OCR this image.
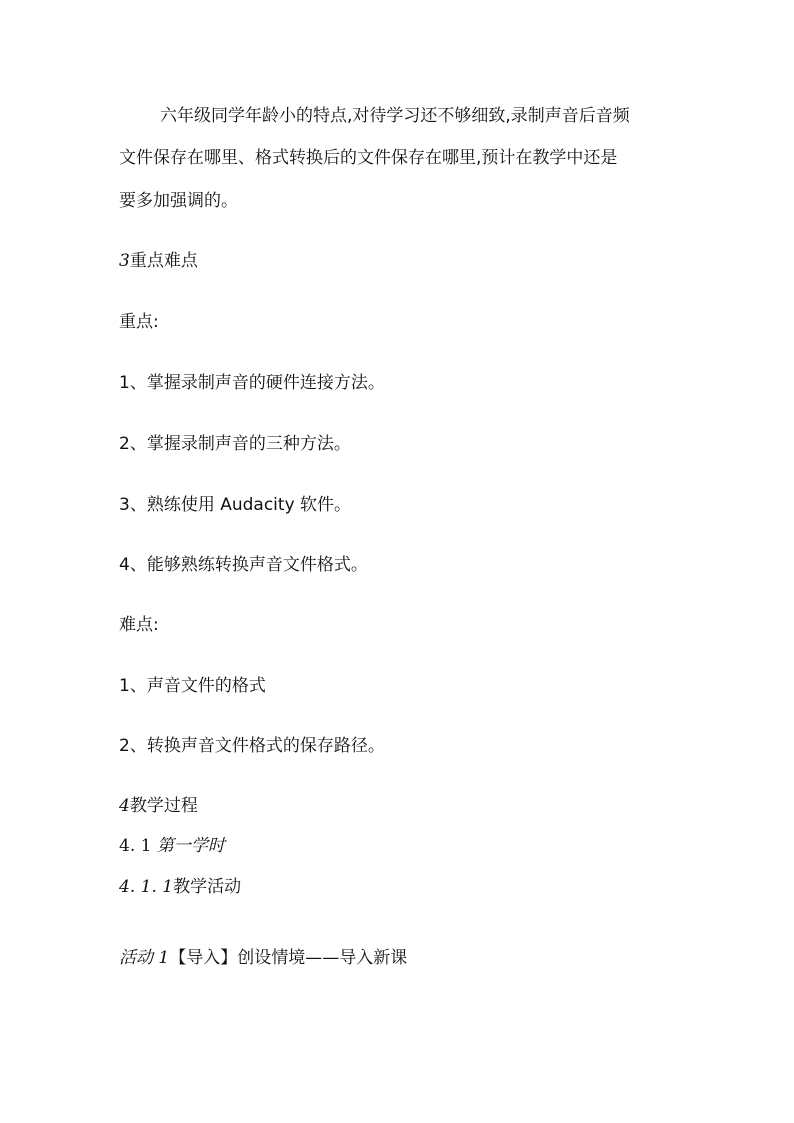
六年级同学年龄小的特点,对待学习还不够细致,录制声音后音频
文件保存在哪里、格式转换后的文件保存在哪里,预计在教学中还是
要多加强调的。
3重点难点
重点:
1、掌握录制声音的硬件连接方法。
2、掌握录制声音的三种方法。
3、熟练使用 Audacity 软件。
4、能够熟练转换声音文件格式。
难点:
1、声音文件的格式
2、转换声音文件格式的保存路径。
4教学过程
4. 1 第一学时
4. 1. 1教学活动
活动 1【导入】创设情境——导入新课
